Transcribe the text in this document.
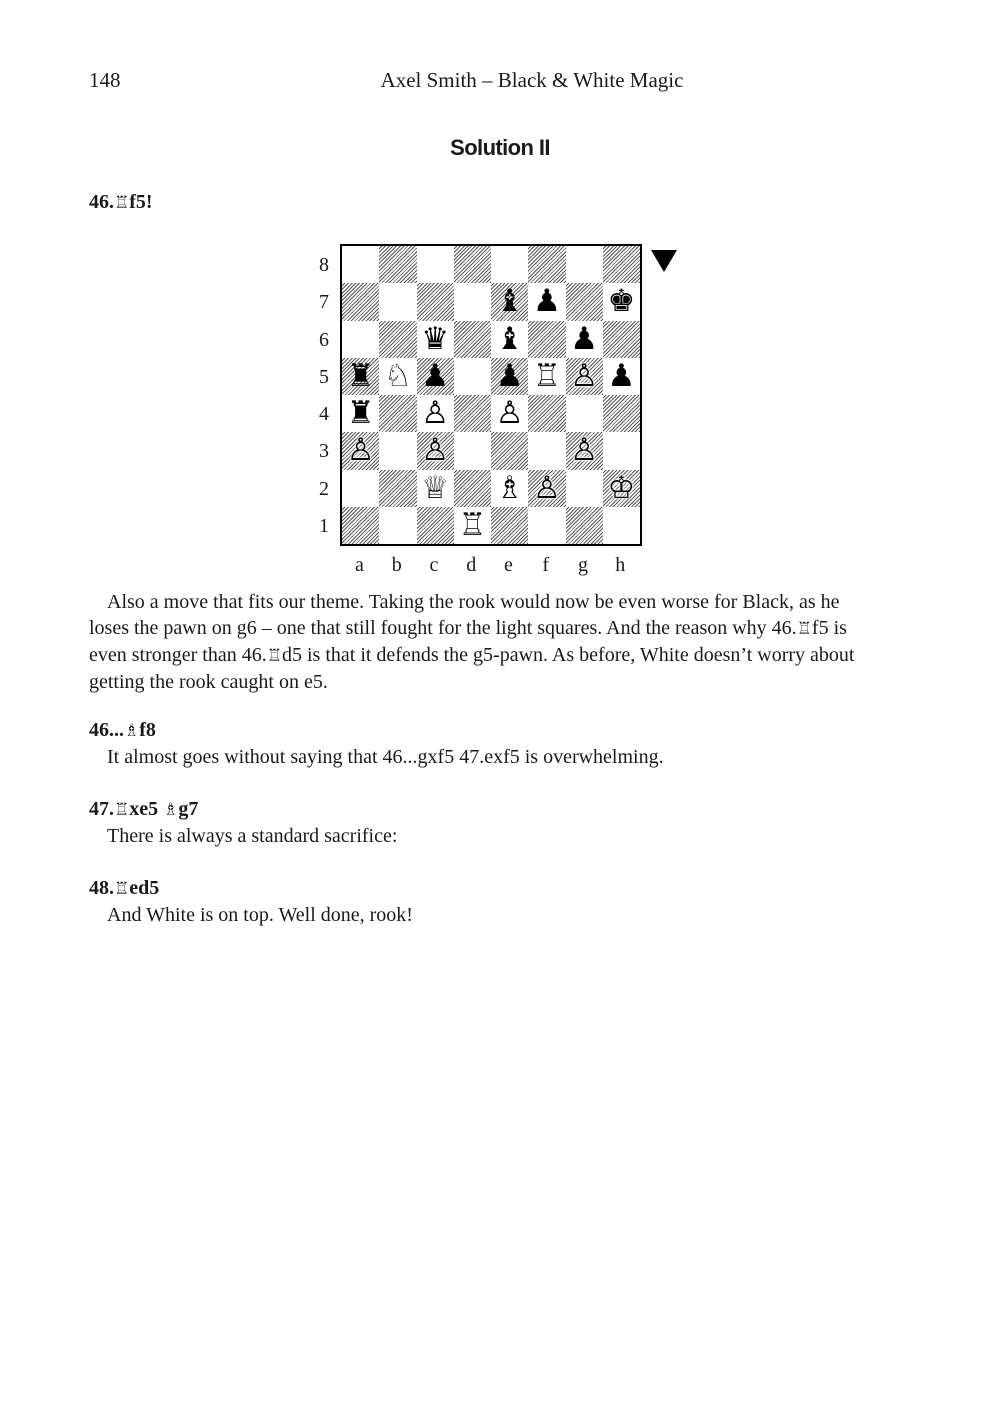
148	Axel Smith – Black & White Magic
Solution II
46.♖f5!
♝ ♟ ♚
♛ ♝ ♟
♜ ♘ ♟ ♟ ♖ ♙ ♟
♜ ♙ ♙
♙ ♙	♙
♕ ♗ ♙ ♔
♖
8
7
6
5
4
3
2
1
a	b	c	d	e	f	g	h
Also a move that fits our theme. Taking the rook would now be even worse for Black, as he
loses the pawn on g6 – one that still fought for the light squares. And the reason why 46.♖f5 is
even stronger than 46.♖d5 is that it defends the g5-pawn. As before, White doesn’t worry about
getting the rook caught on e5.
46...♗f8
It almost goes without saying that 46...gxf5 47.exf5 is overwhelming.
47.♖xe5 ♗g7
There is always a standard sacrifice:
48.♖ed5
And White is on top. Well done, rook!
